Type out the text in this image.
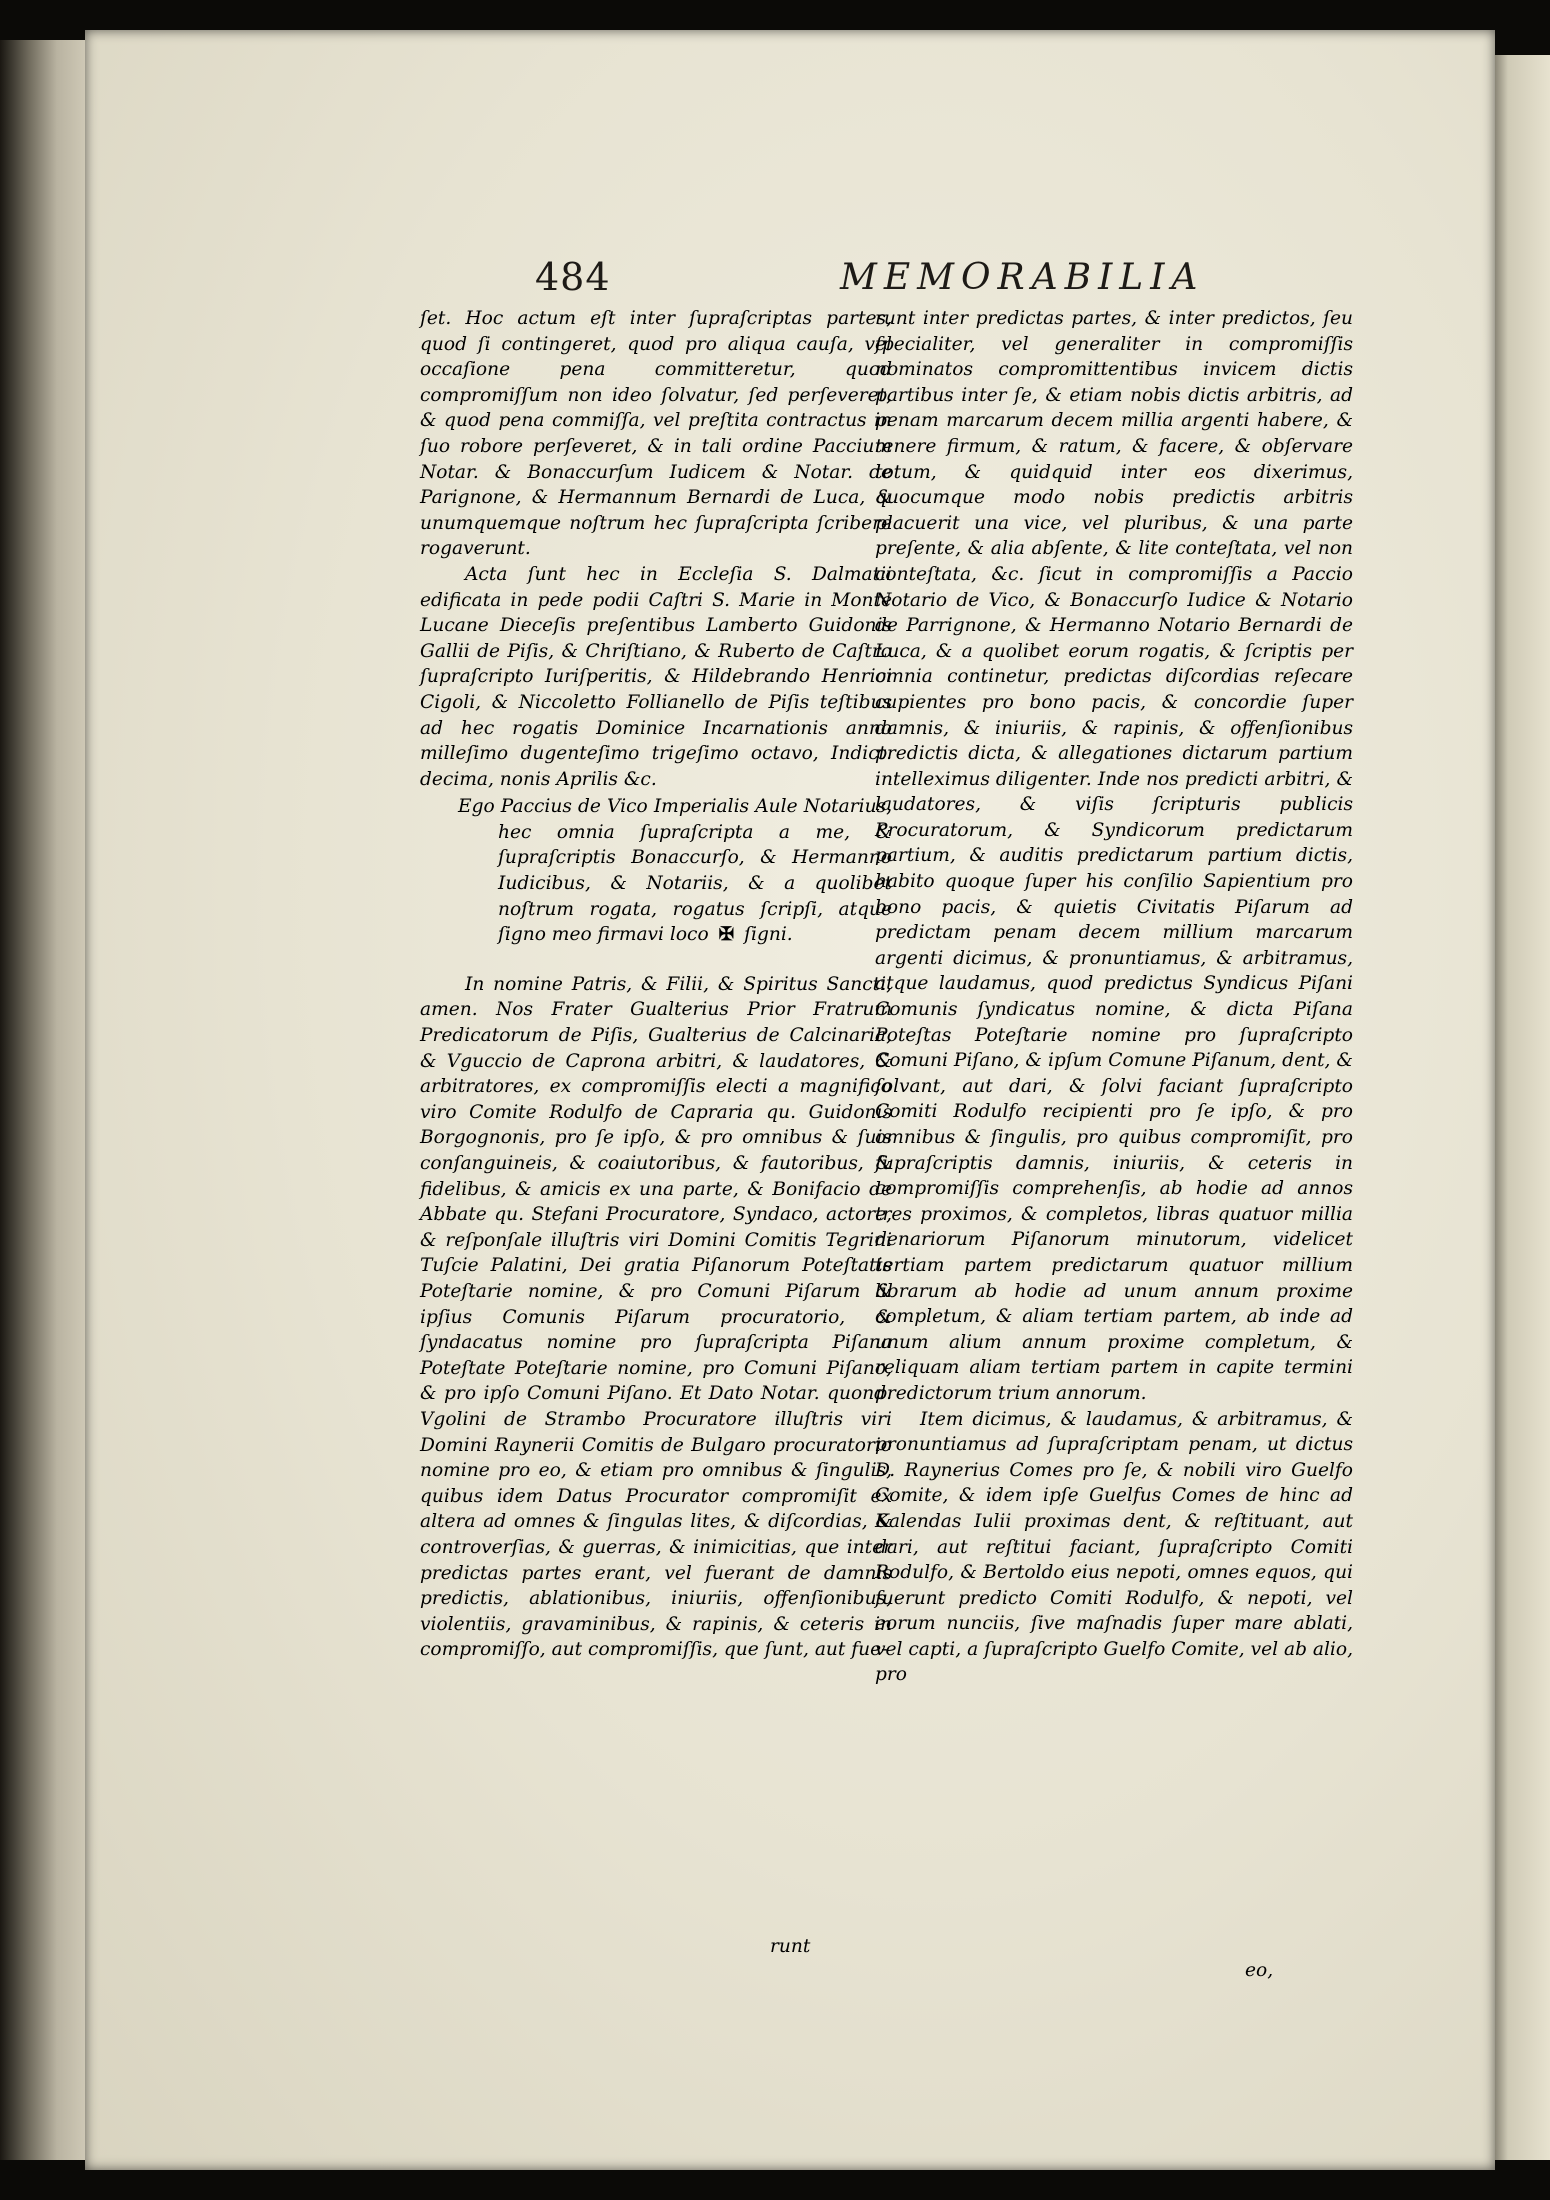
484	MEMORABILIA

ſet. Hoc actum eſt inter ſupraſcriptas partes, quod ſi contingeret, quod pro aliqua cauſa, vel occaſione pena committeretur, quod compromiſſum non ideo ſolvatur, ſed perſeveret, & quod pena commiſſa, vel preſtita contractus in ſuo robore perſeveret, & in tali ordine Paccium Notar. & Bonaccurſum Iudicem & Notar. de Parignone, & Hermannum Bernardi de Luca, & unumquemque noſtrum hec ſupraſcripta ſcribere rogaverunt.

Acta ſunt hec in Eccleſia S. Dalmatii edificata in pede podii Caſtri S. Marie in Monte Lucane Dieceſis preſentibus Lamberto Guidonis Gallii de Piſis, & Chriſtiano, & Ruberto de Caſtro ſupraſcripto Iuriſperitis, & Hildebrando Henrici Cigoli, & Niccoletto Follianello de Piſis teſtibus ad hec rogatis Dominice Incarnationis anno milleſimo dugenteſimo trigeſimo octavo, Indict. decima, nonis Aprilis &c.

Ego Paccius de Vico Imperialis Aule Notarius, hec omnia ſupraſcripta a me, & ſupraſcriptis Bonaccurſo, & Hermanno Iudicibus, & Notariis, & a quolibet noſtrum rogata, rogatus ſcripſi, atque ſigno meo firmavi loco ✠ ſigni.

In nomine Patris, & Filii, & Spiritus Sancti, amen. Nos Frater Gualterius Prior Fratrum Predicatorum de Piſis, Gualterius de Calcinaria, & Vguccio de Caprona arbitri, & laudatores, & arbitratores, ex compromiſſis electi a magnifico viro Comite Rodulfo de Capraria qu. Guidonis Borgognonis, pro ſe ipſo, & pro omnibus & ſuis conſanguineis, & coaiutoribus, & fautoribus, & fidelibus, & amicis ex una parte, & Bonifacio de Abbate qu. Stefani Procuratore, Syndaco, actore, & reſponſale illuſtris viri Domini Comitis Tegrini Tuſcie Palatini, Dei gratia Piſanorum Poteſtatis Poteſtarie nomine, & pro Comuni Piſarum & ipſius Comunis Piſarum procuratorio, & ſyndacatus nomine pro ſupraſcripta Piſana Poteſtate Poteſtarie nomine, pro Comuni Piſano, & pro ipſo Comuni Piſano. Et Dato Notar. quond. Vgolini de Strambo Procuratore illuſtris viri Domini Raynerii Comitis de Bulgaro procuratorio nomine pro eo, & etiam pro omnibus & ſingulis, quibus idem Datus Procurator compromiſit ex altera ad omnes & ſingulas lites, & diſcordias, & controverſias, & guerras, & inimicitias, que inter predictas partes erant, vel fuerant de damnis predictis, ablationibus, iniuriis, offenſionibus, violentiis, gravaminibus, & rapinis, & ceteris in compromiſſo, aut compromiſſis, que ſunt, aut fue-

runt

runt inter predictas partes, & inter predictos, ſeu ſpecialiter, vel generaliter in compromiſſis nominatos compromittentibus invicem dictis partibus inter ſe, & etiam nobis dictis arbitris, ad penam marcarum decem millia argenti habere, & tenere firmum, & ratum, & facere, & obſervare totum, & quidquid inter eos dixerimus, quocumque modo nobis predictis arbitris placuerit una vice, vel pluribus, & una parte preſente, & alia abſente, & lite conteſtata, vel non conteſtata, &c. ſicut in compromiſſis a Paccio Notario de Vico, & Bonaccurſo Iudice & Notario de Parrignone, & Hermanno Notario Bernardi de Luca, & a quolibet eorum rogatis, & ſcriptis per omnia continetur, predictas diſcordias reſecare cupientes pro bono pacis, & concordie ſuper damnis, & iniuriis, & rapinis, & offenſionibus predictis dicta, & allegationes dictarum partium intelleximus diligenter. Inde nos predicti arbitri, & laudatores, & viſis ſcripturis publicis Procuratorum, & Syndicorum predictarum partium, & auditis predictarum partium dictis, habito quoque ſuper his conſilio Sapientium pro bono pacis, & quietis Civitatis Piſarum ad predictam penam decem millium marcarum argenti dicimus, & pronuntiamus, & arbitramus, atque laudamus, quod predictus Syndicus Piſani Comunis ſyndicatus nomine, & dicta Piſana Poteſtas Poteſtarie nomine pro ſupraſcripto Comuni Piſano, & ipſum Comune Piſanum, dent, & ſolvant, aut dari, & ſolvi faciant ſupraſcripto Comiti Rodulfo recipienti pro ſe ipſo, & pro omnibus & ſingulis, pro quibus compromiſit, pro ſupraſcriptis damnis, iniuriis, & ceteris in compromiſſis comprehenſis, ab hodie ad annos tres proximos, & completos, libras quatuor millia denariorum Piſanorum minutorum, videlicet tertiam partem predictarum quatuor millium librarum ab hodie ad unum annum proxime completum, & aliam tertiam partem, ab inde ad unum alium annum proxime completum, & reliquam aliam tertiam partem in capite termini predictorum trium annorum.

Item dicimus, & laudamus, & arbitramus, & pronuntiamus ad ſupraſcriptam penam, ut dictus D. Raynerius Comes pro ſe, & nobili viro Guelfo Comite, & idem ipſe Guelfus Comes de hinc ad Kalendas Iulii proximas dent, & reſtituant, aut dari, aut reſtitui faciant, ſupraſcripto Comiti Rodulfo, & Bertoldo eius nepoti, omnes equos, qui fuerunt predicto Comiti Rodulfo, & nepoti, vel eorum nunciis, ſive maſnadis ſuper mare ablati, vel capti, a ſupraſcripto Guelfo Comite, vel ab alio, pro

eo,
